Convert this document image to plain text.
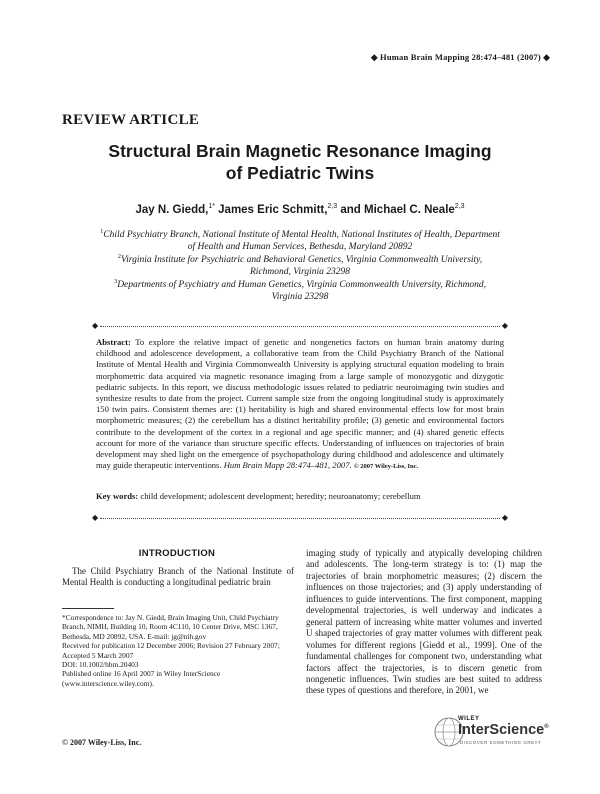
◆ Human Brain Mapping 28:474–481 (2007) ◆
REVIEW ARTICLE
Structural Brain Magnetic Resonance Imaging
of Pediatric Twins
Jay N. Giedd,$^{1*}$ James Eric Schmitt,$^{2,3}$ and Michael C. Neale$^{2,3}$
$^1$Child Psychiatry Branch, National Institute of Mental Health, National Institutes of Health, Department of Health and Human Services, Bethesda, Maryland 20892
$^2$Virginia Institute for Psychiatric and Behavioral Genetics, Virginia Commonwealth University, Richmond, Virginia 23298
$^3$Departments of Psychiatry and Human Genetics, Virginia Commonwealth University, Richmond, Virginia 23298
◆	◆
Abstract: To explore the relative impact of genetic and nongenetics factors on human brain anatomy during childhood and adolescence development, a collaborative team from the Child Psychiatry Branch of the National Institute of Mental Health and Virginia Commonwealth University is applying structural equation modeling to brain morphometric data acquired via magnetic resonance imaging from a large sample of monozygotic and dizygotic pediatric subjects. In this report, we discuss methodologic issues related to pediatric neuroimaging twin studies and synthesize results to date from the project. Current sample size from the ongoing longitudinal study is approximately 150 twin pairs. Consistent themes are: (1) heritability is high and shared environmental effects low for most brain morphometric measures; (2) the cerebellum has a distinct heritability profile; (3) genetic and environmental factors contribute to the development of the cortex in a regional and age specific manner; and (4) shared genetic effects account for more of the variance than structure specific effects. Understanding of influences on trajectories of brain development may shed light on the emergence of psychopathology during childhood and adolescence and ultimately may guide therapeutic interventions. Hum Brain Mapp 28:474–481, 2007. © 2007 Wiley-Liss, Inc.
Key words: child development; adolescent development; heredity; neuroanatomy; cerebellum
◆	◆
INTRODUCTION
The Child Psychiatry Branch of the National Institute of Mental Health is conducting a longitudinal pediatric brain

*Correspondence to: Jay N. Giedd, Brain Imaging Unit, Child Psychiatry Branch, NIMH, Building 10, Room 4C110, 10 Center Drive, MSC 1367, Bethesda, MD 20892, USA. E-mail: jg@nih.gov

Received for publication 12 December 2006; Revision 27 February 2007; Accepted 5 March 2007

DOI: 10.1002/hbm.20403

Published online 16 April 2007 in Wiley InterScience (www.interscience.wiley.com).

© 2007 Wiley-Liss, Inc.
imaging study of typically and atypically developing children and adolescents. The long-term strategy is to: (1) map the trajectories of brain morphometric measures; (2) discern the influences on those trajectories; and (3) apply understanding of influences to guide interventions. The first component, mapping developmental trajectories, is well underway and indicates a general pattern of increasing white matter volumes and inverted U shaped trajectories of gray matter volumes with different peak volumes for different regions [Giedd et al., 1999]. One of the fundamental challenges for component two, understanding what factors affect the trajectories, is to discern genetic from nongenetic influences. Twin studies are best suited to address these types of questions and therefore, in 2001, we
WILEY
InterScience®
DISCOVER SOMETHING GREAT
